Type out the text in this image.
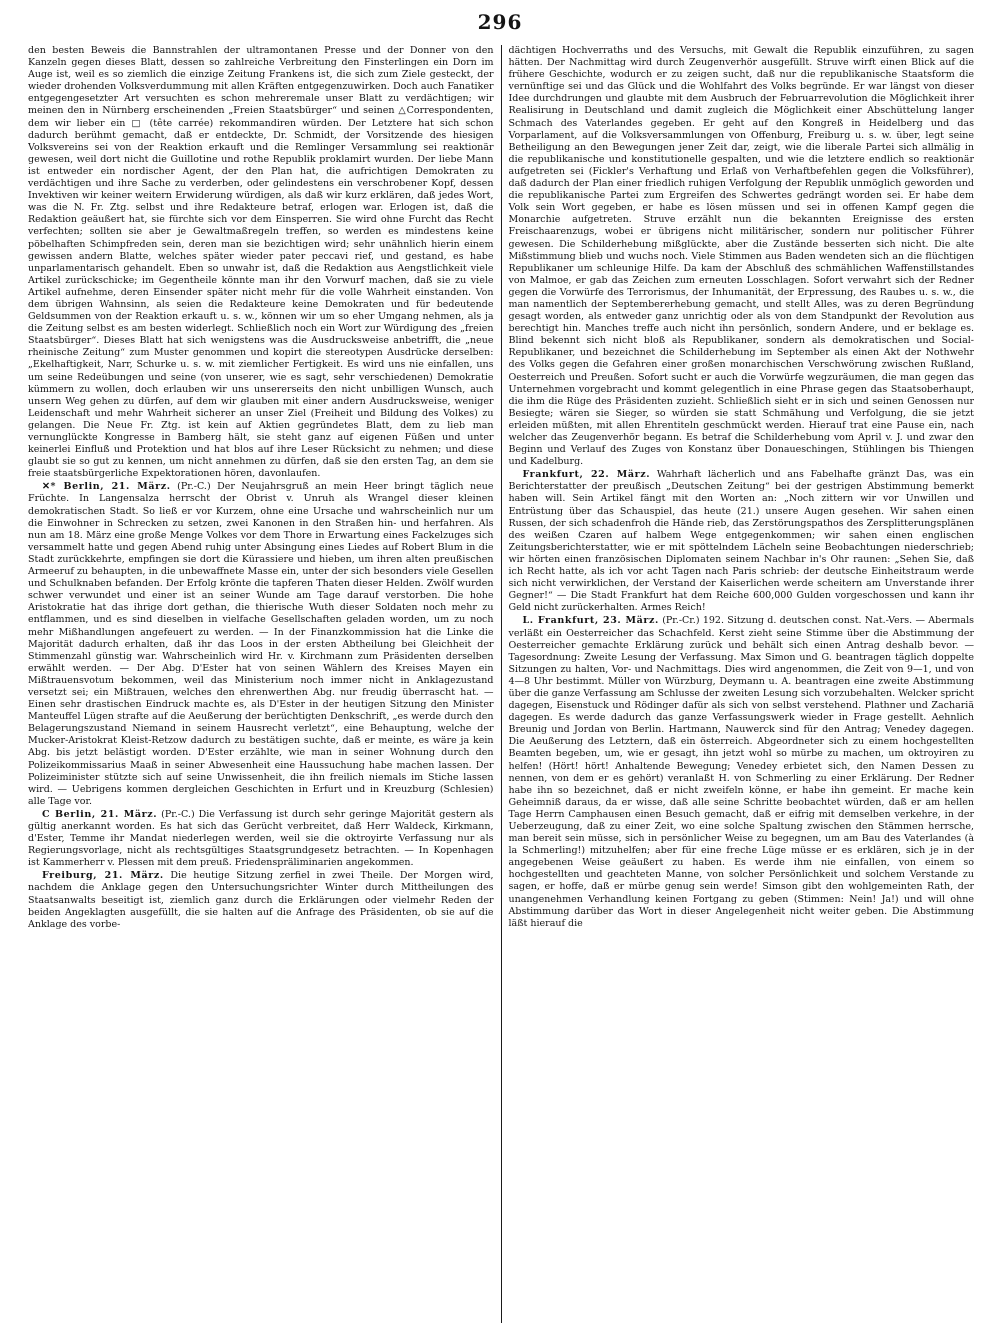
296

den besten Beweis die Bannstrahlen der ultramontanen Presse und der Donner von den Kanzeln gegen dieses Blatt, dessen so zahlreiche Verbreitung den Finsterlingen ein Dorn im Auge ist, weil es so ziemlich die einzige Zeitung Frankens ist, die sich zum Ziele gesteckt, der wieder drohenden Volksverdummung mit allen Kräften entgegenzuwirken. Doch auch Fanatiker entgegengesetzter Art versuchten es schon mehreremale unser Blatt zu verdächtigen; wir meinen den in Nürnberg erscheinenden „Freien Staatsbürger“ und seinen △Correspondenten, dem wir lieber ein □ (tête carrée) rekommandiren würden. Der Letztere hat sich schon dadurch berühmt gemacht, daß er entdeckte, Dr. Schmidt, der Vorsitzende des hiesigen Volksvereins sei von der Reaktion erkauft und die Remlinger Versammlung sei reaktionär gewesen, weil dort nicht die Guillotine und rothe Republik proklamirt wurden. Der liebe Mann ist entweder ein nordischer Agent, der den Plan hat, die aufrichtigen Demokraten zu verdächtigen und ihre Sache zu verderben, oder gelindestens ein verschrobener Kopf, dessen Invektiven wir keiner weitern Erwiderung würdigen, als daß wir kurz erklären, daß jedes Wort, was die N. Fr. Ztg. selbst und ihre Redakteure betraf, erlogen war. Erlogen ist, daß die Redaktion geäußert hat, sie fürchte sich vor dem Einsperren. Sie wird ohne Furcht das Recht verfechten; sollten sie aber je Gewaltmaßregeln treffen, so werden es mindestens keine pöbelhaften Schimpfreden sein, deren man sie bezichtigen wird; sehr unähnlich hierin einem gewissen andern Blatte, welches später wieder pater peccavi rief, und gestand, es habe unparlamentarisch gehandelt. Eben so unwahr ist, daß die Redaktion aus Aengstlichkeit viele Artikel zurückschicke; im Gegentheile könnte man ihr den Vorwurf machen, daß sie zu viele Artikel aufnehme, deren Einsender später nicht mehr für die volle Wahrheit einstanden. Von dem übrigen Wahnsinn, als seien die Redakteure keine Demokraten und für bedeutende Geldsummen von der Reaktion erkauft u. s. w., können wir um so eher Umgang nehmen, als ja die Zeitung selbst es am besten widerlegt. Schließlich noch ein Wort zur Würdigung des „freien Staatsbürger“. Dieses Blatt hat sich wenigstens was die Ausdrucksweise anbetrifft, die „neue rheinische Zeitung“ zum Muster genommen und kopirt die stereotypen Ausdrücke derselben: „Ekelhaftigkeit, Narr, Schurke u. s. w. mit ziemlicher Fertigkeit. Es wird uns nie einfallen, uns um seine Redeübungen und seine (von unserer, wie es sagt, sehr verschiedenen) Demokratie kümmern zu wollen, doch erlauben wir uns unsererseits den nicht unbilligen Wunsch, auch unsern Weg gehen zu dürfen, auf dem wir glauben mit einer andern Ausdrucksweise, weniger Leidenschaft und mehr Wahrheit sicherer an unser Ziel (Freiheit und Bildung des Volkes) zu gelangen. Die Neue Fr. Ztg. ist kein auf Aktien gegründetes Blatt, dem zu lieb man vernunglückte Kongresse in Bamberg hält, sie steht ganz auf eigenen Füßen und unter keinerlei Einfluß und Protektion und hat blos auf ihre Leser Rücksicht zu nehmen; und diese glaubt sie so gut zu kennen, um nicht annehmen zu dürfen, daß sie den ersten Tag, an dem sie freie staatsbürgerliche Expektorationen hören, davonlaufen.

✕* Berlin, 21. März. (Pr.-C.) Der Neujahrsgruß an mein Heer bringt täglich neue Früchte. In Langensalza herrscht der Obrist v. Unruh als Wrangel dieser kleinen demokratischen Stadt. So ließ er vor Kurzem, ohne eine Ursache und wahrscheinlich nur um die Einwohner in Schrecken zu setzen, zwei Kanonen in den Straßen hin- und herfahren. Als nun am 18. März eine große Menge Volkes vor dem Thore in Erwartung eines Fackelzuges sich versammelt hatte und gegen Abend ruhig unter Absingung eines Liedes auf Robert Blum in die Stadt zurückkehrte, empfingen sie dort die Kürassiere und hieben, um ihren alten preußischen Armeeruf zu behaupten, in die unbewaffnete Masse ein, unter der sich besonders viele Gesellen und Schulknaben befanden. Der Erfolg krönte die tapferen Thaten dieser Helden. Zwölf wurden schwer verwundet und einer ist an seiner Wunde am Tage darauf verstorben. Die hohe Aristokratie hat das ihrige dort gethan, die thierische Wuth dieser Soldaten noch mehr zu entflammen, und es sind dieselben in vielfache Gesellschaften geladen worden, um zu noch mehr Mißhandlungen angefeuert zu werden. — In der Finanzkommission hat die Linke die Majorität dadurch erhalten, daß ihr das Loos in der ersten Abtheilung bei Gleichheit der Stimmenzahl günstig war. Wahrscheinlich wird Hr. v. Kirchmann zum Präsidenten derselben erwählt werden. — Der Abg. D'Ester hat von seinen Wählern des Kreises Mayen ein Mißtrauensvotum bekommen, weil das Ministerium noch immer nicht in Anklagezustand versetzt sei; ein Mißtrauen, welches den ehrenwerthen Abg. nur freudig überrascht hat. — Einen sehr drastischen Eindruck machte es, als D'Ester in der heutigen Sitzung den Minister Manteuffel Lügen strafte auf die Aeußerung der berüchtigten Denkschrift, „es werde durch den Belagerungszustand Niemand in seinem Hausrecht verletzt“, eine Behauptung, welche der Mucker-Aristokrat Kleist-Retzow dadurch zu bestätigen suchte, daß er meinte, es wäre ja kein Abg. bis jetzt belästigt worden. D'Ester erzählte, wie man in seiner Wohnung durch den Polizeikommissarius Maaß in seiner Abwesenheit eine Haussuchung habe machen lassen. Der Polizeiminister stützte sich auf seine Unwissenheit, die ihn freilich niemals im Stiche lassen wird. — Uebrigens kommen dergleichen Geschichten in Erfurt und in Kreuzburg (Schlesien) alle Tage vor.

C Berlin, 21. März. (Pr.-C.) Die Verfassung ist durch sehr geringe Majorität gestern als gültig anerkannt worden. Es hat sich das Gerücht verbreitet, daß Herr Waldeck, Kirkmann, d'Ester, Temme ihr Mandat niederlegen werden, weil sie die oktroyirte Verfassung nur als Regierungsvorlage, nicht als rechtsgültiges Staatsgrundgesetz betrachten. — In Kopenhagen ist Kammerherr v. Plessen mit dem preuß. Friedenspräliminarien angekommen.

Freiburg, 21. März. Die heutige Sitzung zerfiel in zwei Theile. Der Morgen wird, nachdem die Anklage gegen den Untersuchungsrichter Winter durch Mittheilungen des Staatsanwalts beseitigt ist, ziemlich ganz durch die Erklärungen oder vielmehr Reden der beiden Angeklagten ausgefüllt, die sie halten auf die Anfrage des Präsidenten, ob sie auf die Anklage des vorbe-

dächtigen Hochverraths und des Versuchs, mit Gewalt die Republik einzuführen, zu sagen hätten. Der Nachmittag wird durch Zeugenverhör ausgefüllt. Struve wirft einen Blick auf die frühere Geschichte, wodurch er zu zeigen sucht, daß nur die republikanische Staatsform die vernünftige sei und das Glück und die Wohlfahrt des Volks begründe. Er war längst von dieser Idee durchdrungen und glaubte mit dem Ausbruch der Februarrevolution die Möglichkeit ihrer Realisirung in Deutschland und damit zugleich die Möglichkeit einer Abschüttelung langer Schmach des Vaterlandes gegeben. Er geht auf den Kongreß in Heidelberg und das Vorparlament, auf die Volksversammlungen von Offenburg, Freiburg u. s. w. über, legt seine Betheiligung an den Bewegungen jener Zeit dar, zeigt, wie die liberale Partei sich allmälig in die republikanische und konstitutionelle gespalten, und wie die letztere endlich so reaktionär aufgetreten sei (Fickler's Verhaftung und Erlaß von Verhaftbefehlen gegen die Volksführer), daß dadurch der Plan einer friedlich ruhigen Verfolgung der Republik unmöglich geworden und die republikanische Partei zum Ergreifen des Schwertes gedrängt worden sei. Er habe dem Volk sein Wort gegeben, er habe es lösen müssen und sei in offenen Kampf gegen die Monarchie aufgetreten. Struve erzählt nun die bekannten Ereignisse des ersten Freischaarenzugs, wobei er übrigens nicht militärischer, sondern nur politischer Führer gewesen. Die Schilderhebung mißglückte, aber die Zustände besserten sich nicht. Die alte Mißstimmung blieb und wuchs noch. Viele Stimmen aus Baden wendeten sich an die flüchtigen Republikaner um schleunige Hilfe. Da kam der Abschluß des schmählichen Waffenstillstandes von Malmoe, er gab das Zeichen zum erneuten Losschlagen. Sofort verwahrt sich der Redner gegen die Vorwürfe des Terrorismus, der Inhumanität, der Erpressung, des Raubes u. s. w., die man namentlich der Septembererhebung gemacht, und stellt Alles, was zu deren Begründung gesagt worden, als entweder ganz unrichtig oder als von dem Standpunkt der Revolution aus berechtigt hin. Manches treffe auch nicht ihn persönlich, sondern Andere, und er beklage es. Blind bekennt sich nicht bloß als Republikaner, sondern als demokratischen und Social-Republikaner, und bezeichnet die Schilderhebung im September als einen Akt der Nothwehr des Volks gegen die Gefahren einer großen monarchischen Verschwörung zwischen Rußland, Oesterreich und Preußen. Sofort sucht er auch die Vorwürfe wegzuräumen, die man gegen das Unternehmen vorgebracht und kommt gelegentlich in eine Phrase gegen das Staatsoberhaupt, die ihm die Rüge des Präsidenten zuzieht. Schließlich sieht er in sich und seinen Genossen nur Besiegte; wären sie Sieger, so würden sie statt Schmähung und Verfolgung, die sie jetzt erleiden müßten, mit allen Ehrentiteln geschmückt werden. Hierauf trat eine Pause ein, nach welcher das Zeugenverhör begann. Es betraf die Schilderhebung vom April v. J. und zwar den Beginn und Verlauf des Zuges von Konstanz über Donaueschingen, Stühlingen bis Thiengen und Kadelburg.

Frankfurt, 22. März. Wahrhaft lächerlich und ans Fabelhafte gränzt Das, was ein Berichterstatter der preußisch „Deutschen Zeitung“ bei der gestrigen Abstimmung bemerkt haben will. Sein Artikel fängt mit den Worten an: „Noch zittern wir vor Unwillen und Entrüstung über das Schauspiel, das heute (21.) unsere Augen gesehen. Wir sahen einen Russen, der sich schadenfroh die Hände rieb, das Zerstörungspathos des Zersplitterungsplänen des weißen Czaren auf halbem Wege entgegenkommen; wir sahen einen englischen Zeitungsberichterstatter, wie er mit spöttelndem Lächeln seine Beobachtungen niederschrieb; wir hörten einen französischen Diplomaten seinem Nachbar in's Ohr raunen: „Sehen Sie, daß ich Recht hatte, als ich vor acht Tagen nach Paris schrieb: der deutsche Einheitstraum werde sich nicht verwirklichen, der Verstand der Kaiserlichen werde scheitern am Unverstande ihrer Gegner!“ — Die Stadt Frankfurt hat dem Reiche 600,000 Gulden vorgeschossen und kann ihr Geld nicht zurückerhalten. Armes Reich!

L. Frankfurt, 23. März. (Pr.-Cr.) 192. Sitzung d. deutschen const. Nat.-Vers. — Abermals verläßt ein Oesterreicher das Schachfeld. Kerst zieht seine Stimme über die Abstimmung der Oesterreicher gemachte Erklärung zurück und behält sich einen Antrag deshalb bevor. — Tagesordnung: Zweite Lesung der Verfassung. Max Simon und G. beantragen täglich doppelte Sitzungen zu halten, Vor- und Nachmittags. Dies wird angenommen, die Zeit von 9—1, und von 4—8 Uhr bestimmt. Müller von Würzburg, Deymann u. A. beantragen eine zweite Abstimmung über die ganze Verfassung am Schlusse der zweiten Lesung sich vorzubehalten. Welcker spricht dagegen, Eisenstuck und Rödinger dafür als sich von selbst verstehend. Plathner und Zachariä dagegen. Es werde dadurch das ganze Verfassungswerk wieder in Frage gestellt. Aehnlich Breunig und Jordan von Berlin. Hartmann, Nauwerck sind für den Antrag; Venedey dagegen. Die Aeußerung des Letztern, daß ein österreich. Abgeordneter sich zu einem hochgestellten Beamten begeben, um, wie er gesagt, ihn jetzt wohl so mürbe zu machen, um oktroyiren zu helfen! (Hört! hört! Anhaltende Bewegung; Venedey erbietet sich, den Namen Dessen zu nennen, von dem er es gehört) veranlaßt H. von Schmerling zu einer Erklärung. Der Redner habe ihn so bezeichnet, daß er nicht zweifeln könne, er habe ihn gemeint. Er mache kein Geheimniß daraus, da er wisse, daß alle seine Schritte beobachtet würden, daß er am hellen Tage Herrn Camphausen einen Besuch gemacht, daß er eifrig mit demselben verkehre, in der Ueberzeugung, daß zu einer Zeit, wo eine solche Spaltung zwischen den Stämmen herrsche, man bereit sein müsse, sich in persönlicher Weise zu begegnen, um am Bau des Vaterlandes (à la Schmerling!) mitzuhelfen; aber für eine freche Lüge müsse er es erklären, sich je in der angegebenen Weise geäußert zu haben. Es werde ihm nie einfallen, von einem so hochgestellten und geachteten Manne, von solcher Persönlichkeit und solchem Verstande zu sagen, er hoffe, daß er mürbe genug sein werde! Simson gibt den wohlgemeinten Rath, der unangenehmen Verhandlung keinen Fortgang zu geben (Stimmen: Nein! Ja!) und will ohne Abstimmung darüber das Wort in dieser Angelegenheit nicht weiter geben. Die Abstimmung läßt hierauf die
